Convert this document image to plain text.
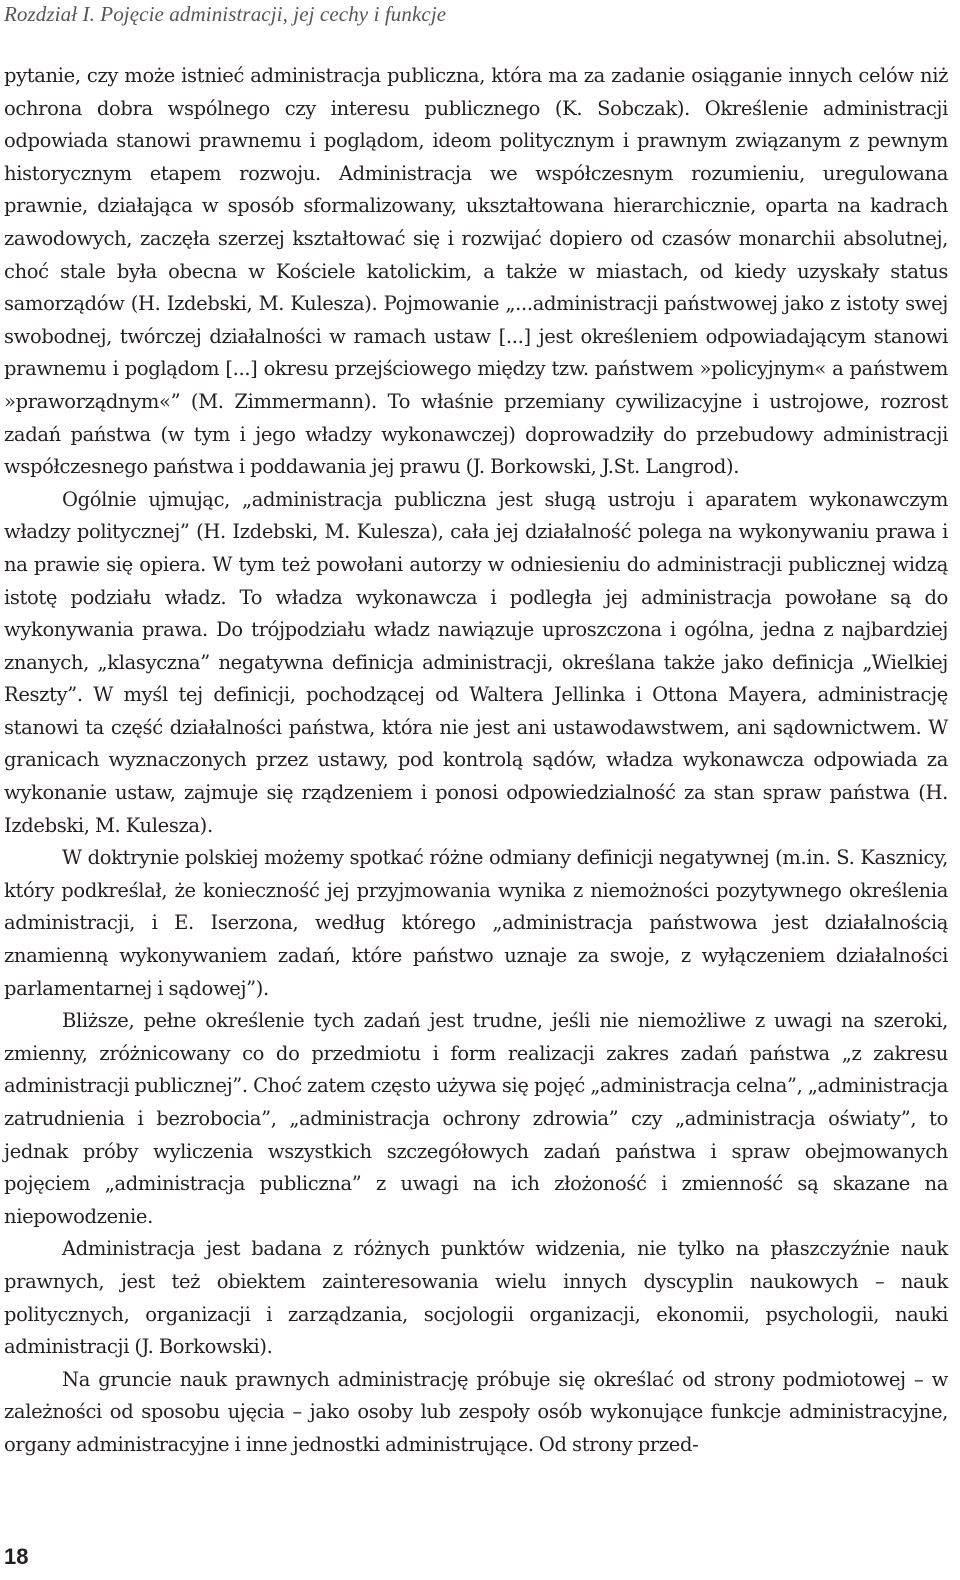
Rozdział I. Pojęcie administracji, jej cechy i funkcje

pytanie, czy może istnieć administracja publiczna, która ma za zadanie osiąganie innych celów niż ochrona dobra wspólnego czy interesu publicznego (K. Sobczak). Określenie administracji odpowiada stanowi prawnemu i poglądom, ideom politycznym i prawnym związanym z pewnym historycznym etapem rozwoju. Administracja we współczesnym rozumieniu, uregulowana prawnie, działająca w sposób sformalizowany, ukształtowana hierarchicznie, oparta na kadrach zawodowych, zaczęła szerzej kształtować się i rozwijać dopiero od czasów monarchii absolutnej, choć stale była obecna w Kościele katolickim, a także w miastach, od kiedy uzyskały status samorządów (H. Izdebski, M. Kulesza). Pojmowanie „...administracji państwowej jako z istoty swej swobodnej, twórczej działalności w ramach ustaw [...] jest określeniem odpowiadającym stanowi prawnemu i poglądom [...] okresu przejściowego między tzw. państwem »policyjnym« a państwem »praworządnym«” (M. Zimmermann). To właśnie przemiany cywilizacyjne i ustrojowe, rozrost zadań państwa (w tym i jego władzy wykonawczej) doprowadziły do przebudowy administracji współczesnego państwa i poddawania jej prawu (J. Borkowski, J.St. Langrod).

Ogólnie ujmując, „administracja publiczna jest sługą ustroju i aparatem wykonawczym władzy politycznej” (H. Izdebski, M. Kulesza), cała jej działalność polega na wykonywaniu prawa i na prawie się opiera. W tym też powołani autorzy w odniesieniu do administracji publicznej widzą istotę podziału władz. To władza wykonawcza i podległa jej administracja powołane są do wykonywania prawa. Do trójpodziału władz nawiązuje uproszczona i ogólna, jedna z najbardziej znanych, „klasyczna” negatywna definicja administracji, określana także jako definicja „Wielkiej Reszty”. W myśl tej definicji, pochodzącej od Waltera Jellinka i Ottona Mayera, administrację stanowi ta część działalności państwa, która nie jest ani ustawodawstwem, ani sądownictwem. W granicach wyznaczonych przez ustawy, pod kontrolą sądów, władza wykonawcza odpowiada za wykonanie ustaw, zajmuje się rządzeniem i ponosi odpowiedzialność za stan spraw państwa (H. Izdebski, M. Kulesza).

W doktrynie polskiej możemy spotkać różne odmiany definicji negatywnej (m.in. S. Kasznicy, który podkreślał, że konieczność jej przyjmowania wynika z niemożności pozytywnego określenia administracji, i E. Iserzona, według którego „administracja państwowa jest działalnością znamienną wykonywaniem zadań, które państwo uznaje za swoje, z wyłączeniem działalności parlamentarnej i sądowej”).

Bliższe, pełne określenie tych zadań jest trudne, jeśli nie niemożliwe z uwagi na szeroki, zmienny, zróżnicowany co do przedmiotu i form realizacji zakres zadań państwa „z zakresu administracji publicznej”. Choć zatem często używa się pojęć „administracja celna”, „administracja zatrudnienia i bezrobocia”, „administracja ochrony zdrowia” czy „administracja oświaty”, to jednak próby wyliczenia wszystkich szczegółowych zadań państwa i spraw obejmowanych pojęciem „administracja publiczna” z uwagi na ich złożoność i zmienność są skazane na niepowodzenie.

Administracja jest badana z różnych punktów widzenia, nie tylko na płaszczyźnie nauk prawnych, jest też obiektem zainteresowania wielu innych dyscyplin naukowych – nauk politycznych, organizacji i zarządzania, socjologii organizacji, ekonomii, psychologii, nauki administracji (J. Borkowski).

Na gruncie nauk prawnych administrację próbuje się określać od strony podmiotowej – w zależności od sposobu ujęcia – jako osoby lub zespoły osób wykonujące funkcje administracyjne, organy administracyjne i inne jednostki administrujące. Od strony przed-

18
